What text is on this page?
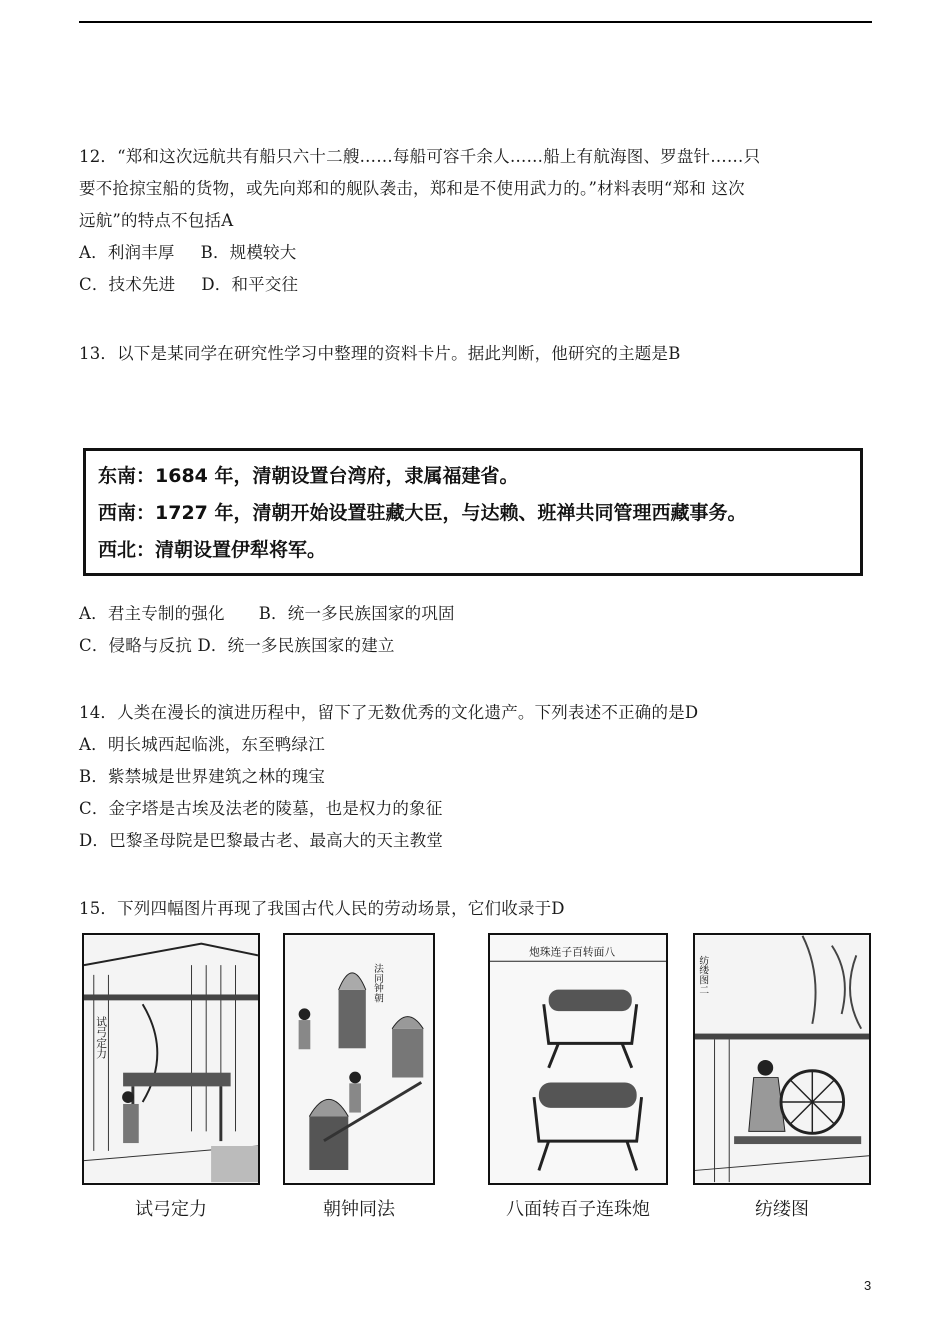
12．“郑和这次远航共有船只六十二艘……每船可容千余人……船上有航海图、罗盘针……只

要不抢掠宝船的货物，或先向郑和的舰队袭击，郑和是不使用武力的。”材料表明“郑和 这次

远航”的特点不包括A

A．利润丰厚 B．规模较大

C．技术先进 D．和平交往

13．以下是某同学在研究性学习中整理的资料卡片。据此判断，他研究的主题是B

东南：1684 年，清朝设置台湾府，隶属福建省。

西南：1727 年，清朝开始设置驻藏大臣，与达赖、班禅共同管理西藏事务。

西北：清朝设置伊犁将军。

A．君主专制的强化 B．统一多民族国家的巩固

C．侵略与反抗 D．统一多民族国家的建立

14．人类在漫长的演进历程中，留下了无数优秀的文化遗产。下列表述不正确的是D

A．明长城西起临洮，东至鸭绿江

B．紫禁城是世界建筑之林的瑰宝

C．金字塔是古埃及法老的陵墓，也是权力的象征

D．巴黎圣母院是巴黎最古老、最高大的天主教堂

15．下列四幅图片再现了我国古代人民的劳动场景，它们收录于D

试弓定力
试弓定力
法同钟朝
朝钟同法
炮珠连子百转面八
八面转百子连珠炮
纺缕图二
纺缕图
3
